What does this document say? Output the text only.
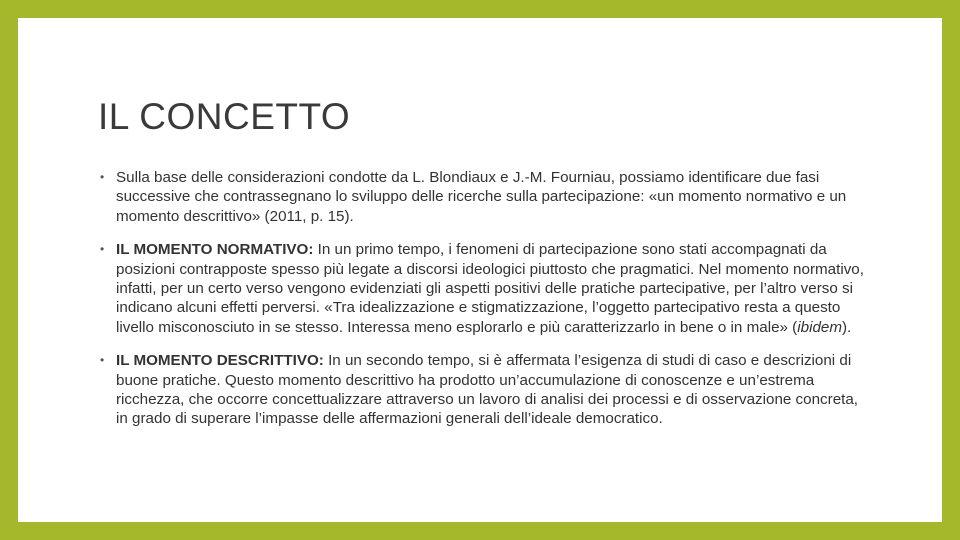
IL CONCETTO
• Sulla base delle considerazioni condotte da L. Blondiaux e J.-M. Fourniau, possiamo identificare due fasi successive che contrassegnano lo sviluppo delle ricerche sulla partecipazione: «un momento normativo e un momento descrittivo» (2011, p. 15).
• IL MOMENTO NORMATIVO: In un primo tempo, i fenomeni di partecipazione sono stati accompagnati da posizioni contrapposte spesso più legate a discorsi ideologici piuttosto che pragmatici. Nel momento normativo, infatti, per un certo verso vengono evidenziati gli aspetti positivi delle pratiche partecipative, per l’altro verso si indicano alcuni effetti perversi. «Tra idealizzazione e stigmatizzazione, l’oggetto partecipativo resta a questo livello misconosciuto in se stesso. Interessa meno esplorarlo e più caratterizzarlo in bene o in male» (ibidem).
• IL MOMENTO DESCRITTIVO: In un secondo tempo, si è affermata l’esigenza di studi di caso e descrizioni di buone pratiche. Questo momento descrittivo ha prodotto un’accumulazione di conoscenze e un’estrema ricchezza, che occorre concettualizzare attraverso un lavoro di analisi dei processi e di osservazione concreta, in grado di superare l’impasse delle affermazioni generali dell’ideale democratico.
